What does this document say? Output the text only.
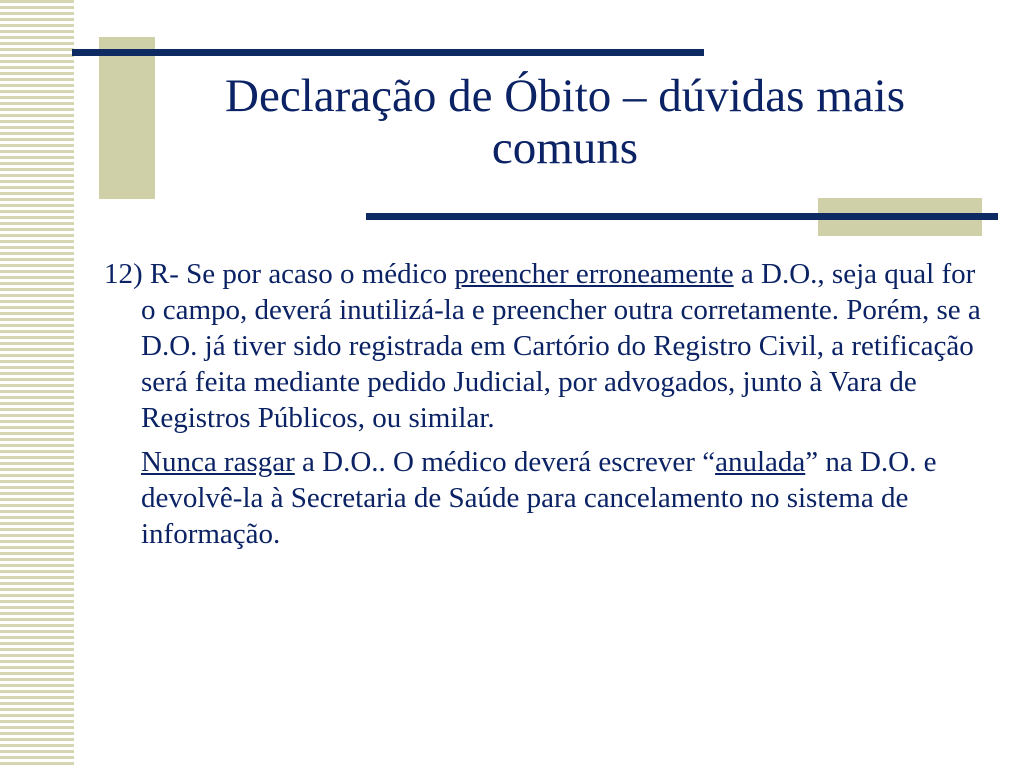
Declaração de Óbito – dúvidas mais comuns

12) R- Se por acaso o médico preencher erroneamente a D.O., seja qual for o campo, deverá inutilizá-la e preencher outra corretamente. Porém, se a D.O. já tiver sido registrada em Cartório do Registro Civil, a retificação será feita mediante pedido Judicial, por advogados, junto à Vara de Registros Públicos, ou similar.

Nunca rasgar a D.O.. O médico deverá escrever “anulada” na D.O. e devolvê-la à Secretaria de Saúde para cancelamento no sistema de informação.
